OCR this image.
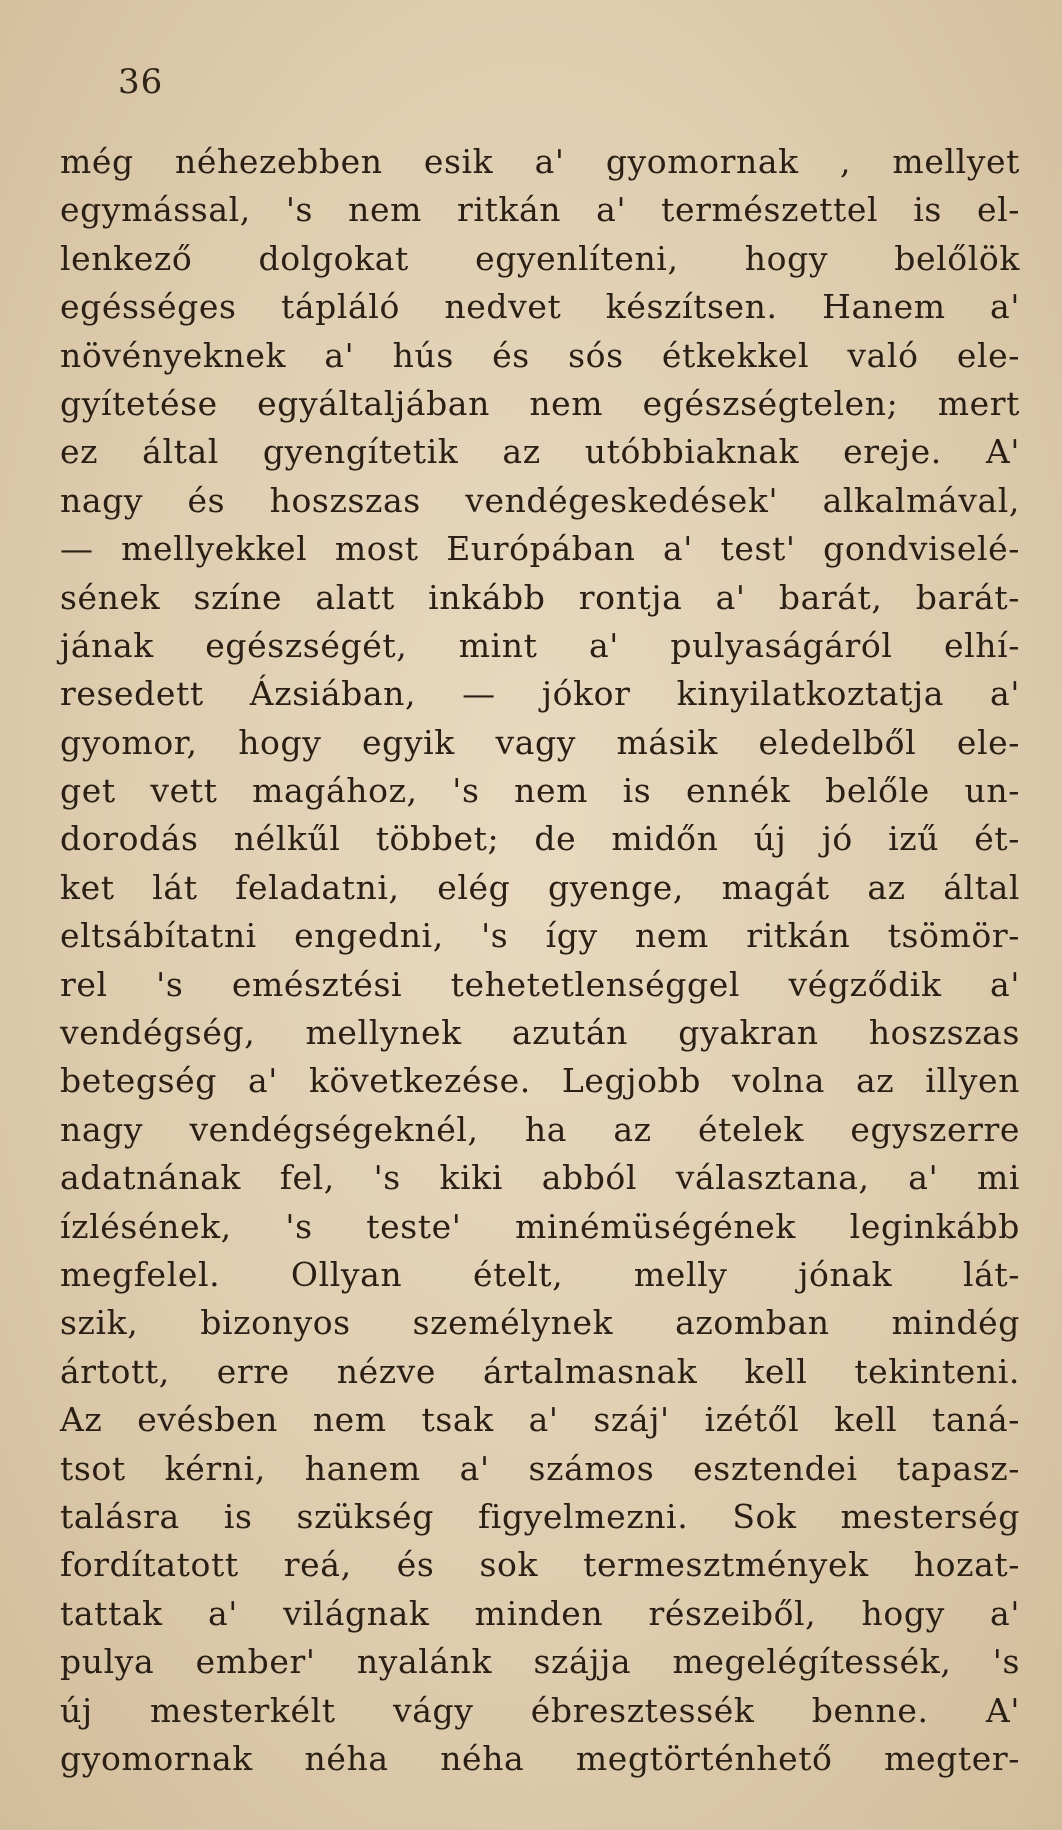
36
még néhezebben esik a' gyomornak , mellyet
egymással, 's nem ritkán a' természettel is el-
lenkező dolgokat egyenlíteni, hogy belőlök
egésséges tápláló nedvet készítsen. Hanem a'
növényeknek a' hús és sós étkekkel való ele-
gyítetése egyáltaljában nem egészségtelen; mert
ez által gyengítetik az utóbbiaknak ereje. A'
nagy és hoszszas vendégeskedések' alkalmával,
— mellyekkel most Európában a' test' gondviselé-
sének színe alatt inkább rontja a' barát, barát-
jának egészségét, mint a' pulyaságáról elhí-
resedett Ázsiában, — jókor kinyilatkoztatja a'
gyomor, hogy egyik vagy másik eledelből ele-
get vett magához, 's nem is ennék belőle un-
dorodás nélkűl többet; de midőn új jó izű ét-
ket lát feladatni, elég gyenge, magát az által
eltsábítatni engedni, 's így nem ritkán tsömör-
rel 's emésztési tehetetlenséggel végződik a'
vendégség, mellynek azután gyakran hoszszas
betegség a' következése. Legjobb volna az illyen
nagy vendégségeknél, ha az ételek egyszerre
adatnának fel, 's kiki abból választana, a' mi
ízlésének, 's teste' minémüségének leginkább
megfelel. Ollyan ételt, melly jónak lát-
szik, bizonyos személynek azomban mindég
ártott, erre nézve ártalmasnak kell tekinteni.
Az evésben nem tsak a' száj' izétől kell taná-
tsot kérni, hanem a' számos esztendei tapasz-
talásra is szükség figyelmezni. Sok mesterség
fordítatott reá, és sok termesztmények hozat-
tattak a' világnak minden részeiből, hogy a'
pulya ember' nyalánk szájja megelégítessék, 's
új mesterkélt vágy ébresztessék benne. A'
gyomornak néha néha megtörténhető megter-
